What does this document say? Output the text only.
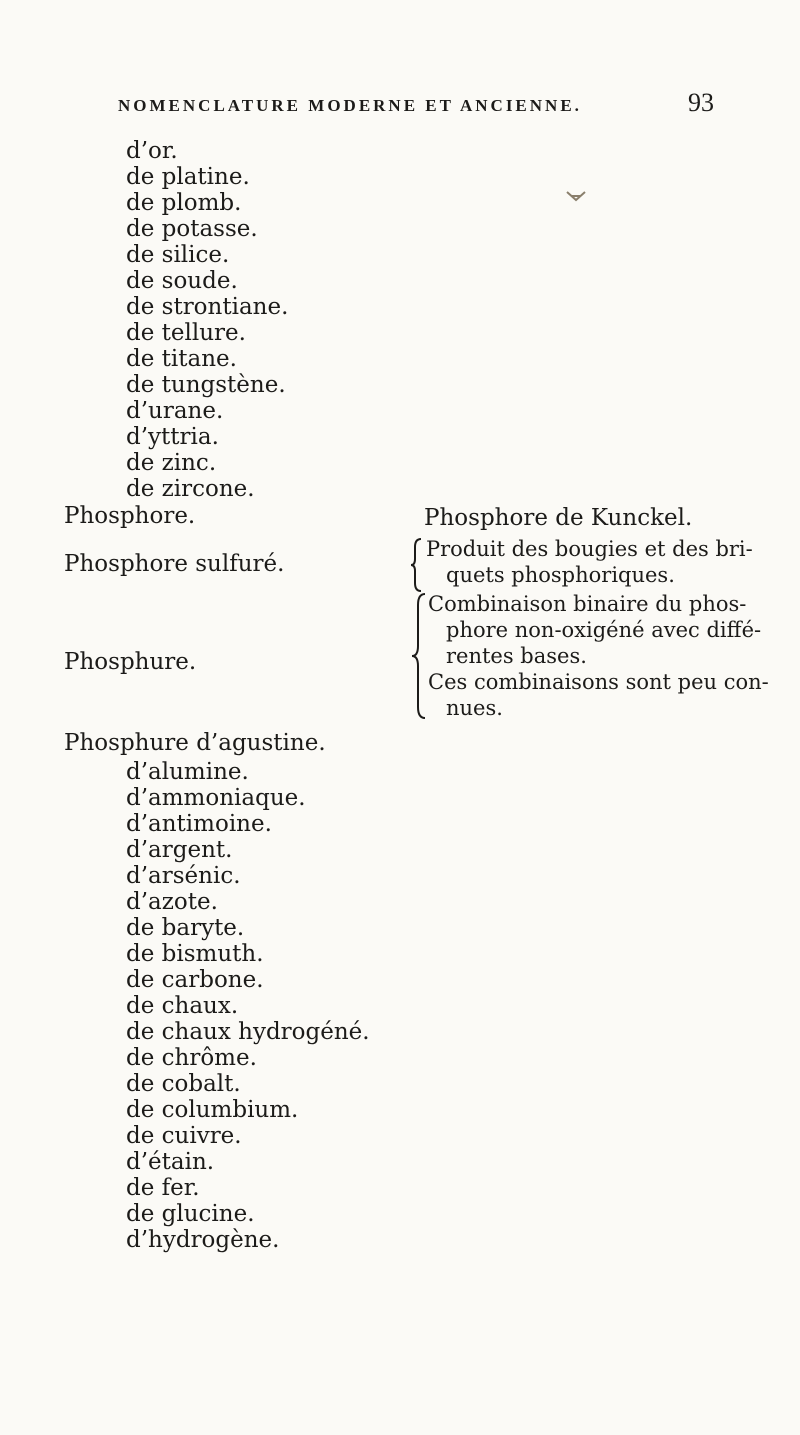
NOMENCLATURE MODERNE ET ANCIENNE.	93
d’or.
de platine.
de plomb.
de potasse.
de silice.
de soude.
de strontiane.
de tellure.
de titane.
de tungstène.
d’urane.
d’yttria.
de zinc.
de zircone.
Phosphore.	Phosphore de Kunckel.
Phosphore sulfuré.
Produit des bougies et des bri-
quets phosphoriques.
Phosphure.
Combinaison binaire du phos-
phore non-oxigéné avec diffé-
rentes bases.
Ces combinaisons sont peu con-
nues.
Phosphure d’agustine.
d’alumine.
d’ammoniaque.
d’antimoine.
d’argent.
d’arsénic.
d’azote.
de baryte.
de bismuth.
de carbone.
de chaux.
de chaux hydrogéné.
de chrôme.
de cobalt.
de columbium.
de cuivre.
d’étain.
de fer.
de glucine.
d’hydrogène.
